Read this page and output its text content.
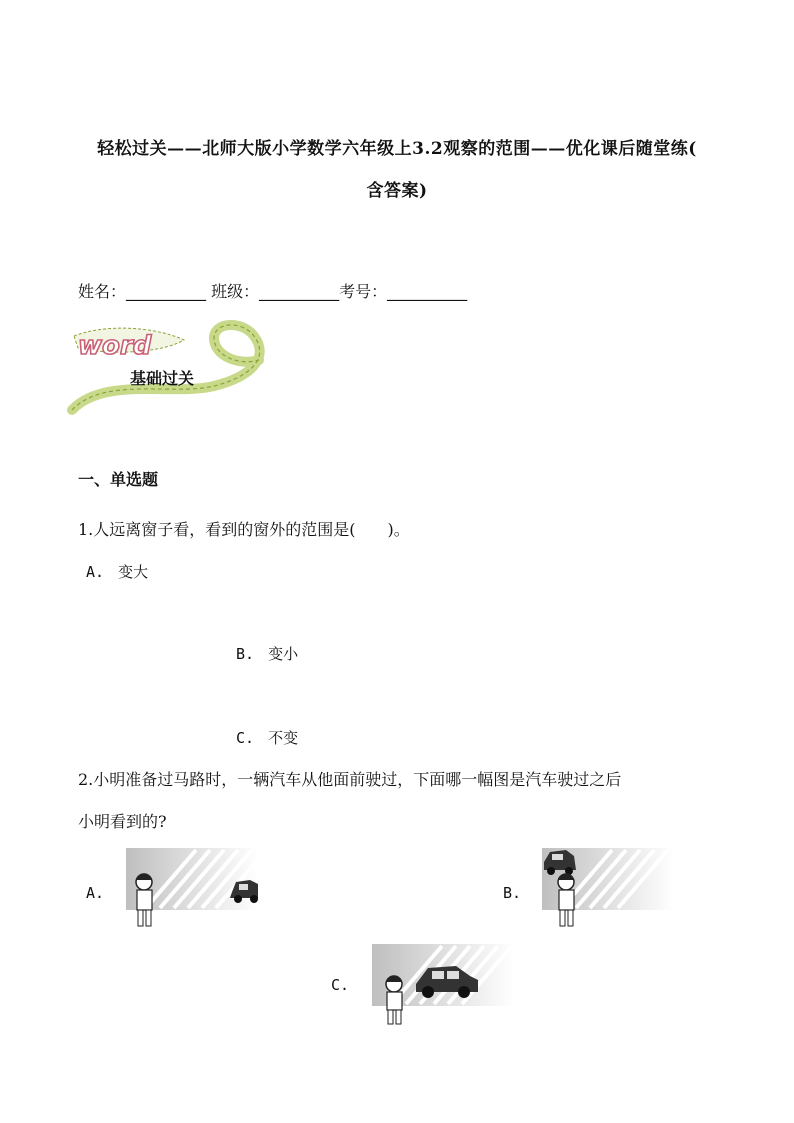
轻松过关——北师大版小学数学六年级上3.2观察的范围——优化课后随堂练(
含答案)
姓名：__________ 班级：__________考号：__________
word
基础过关
一、单选题
1.人远离窗子看，看到的窗外的范围是(　　)。
A. 变大
B. 变小
C. 不变
2.小明准备过马路时，一辆汽车从他面前驶过，下面哪一幅图是汽车驶过之后
小明看到的?
A.	B.
C.
